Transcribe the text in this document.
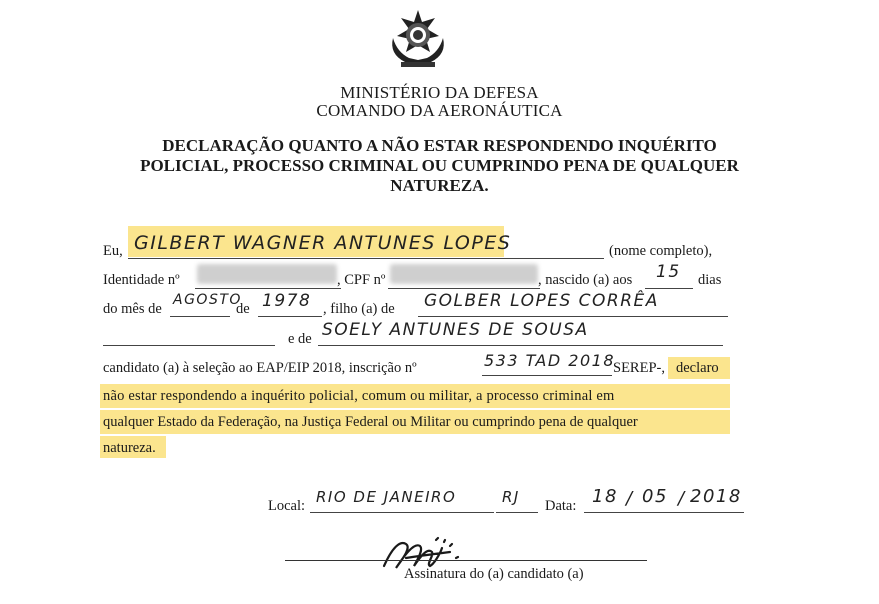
MINISTÉRIO DA DEFESA
COMANDO DA AERONÁUTICA
DECLARAÇÃO QUANTO A NÃO ESTAR RESPONDENDO INQUÉRITO
POLICIAL, PROCESSO CRIMINAL OU CUMPRINDO PENA DE QUALQUER
NATUREZA.
Eu, GILBERT WAGNER ANTUNES LOPES	(nome completo),
Identidade nº	, CPF nº	, nascido (a) aos 15 dias
do mês de
AGOSTO
de 1978 , filho (a) de GOLBER LOPES CORRÊA
e de SOELY ANTUNES DE SOUSA
candidato (a) à seleção ao EAP/EIP 2018, inscrição nº	533 TAD 2018
SEREP-, declaro
não estar respondendo a inquérito policial, comum ou militar, a processo criminal em
qualquer Estado da Federação, na Justiça Federal ou Militar ou cumprindo pena de qualquer
natureza.
Local: RIO DE JANEIRO	RJ Data: 18 / 05 / 2018
Assinatura do (a) candidato (a)
